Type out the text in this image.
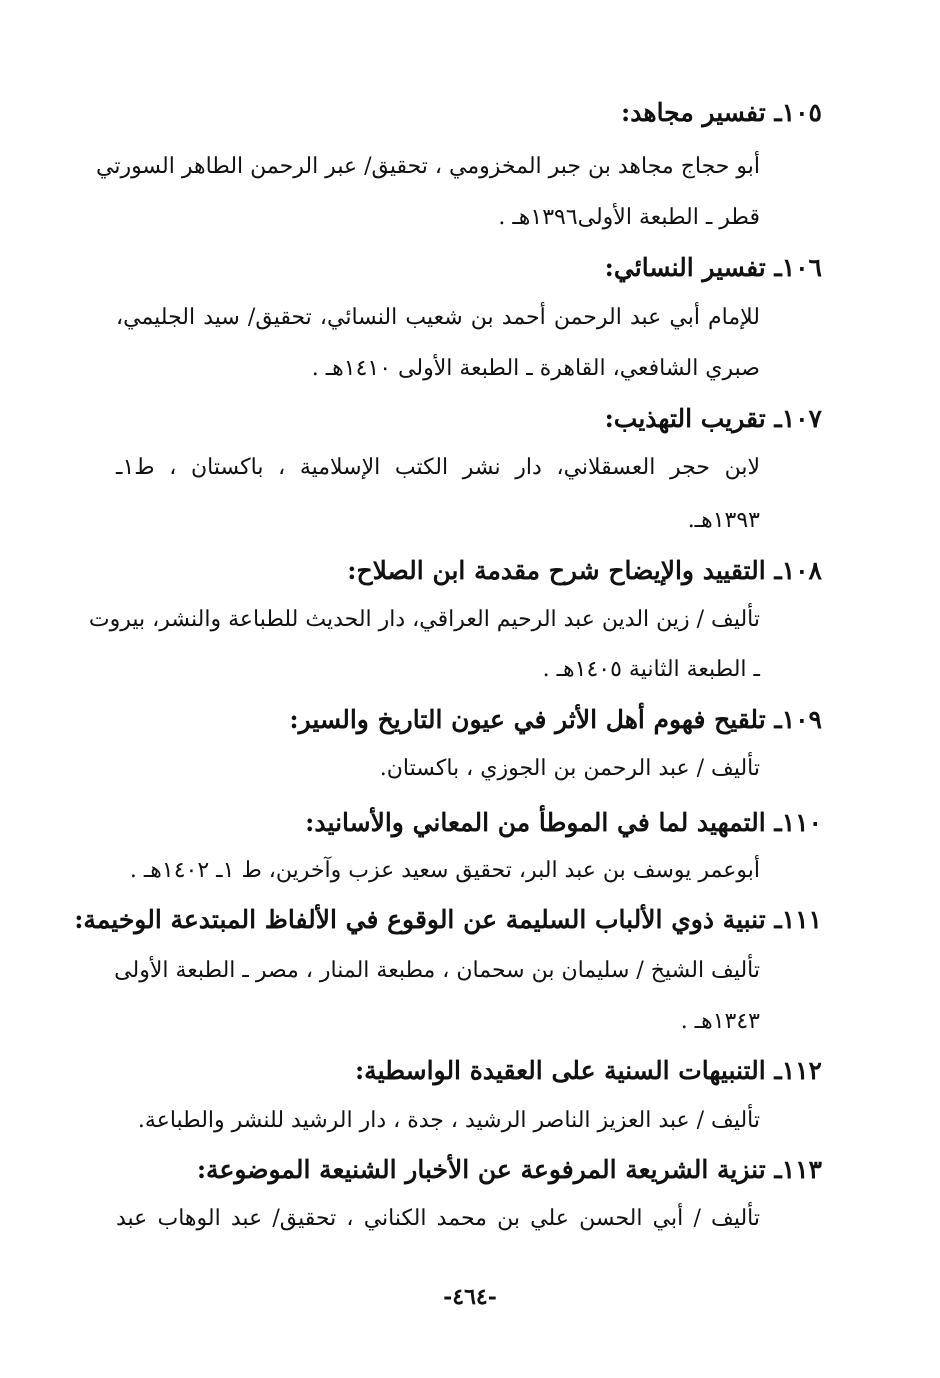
١٠٥ـ تفسير مجاهد:
أبو حجاج مجاهد بن جبر المخزومي ، تحقيق/ عبر الرحمن الطاهر السورتي
قطر ـ الطبعة الأولى١٣٩٦هـ .
١٠٦ـ تفسير النسائي:
للإمام أبي عبد الرحمن أحمد بن شعيب النسائي، تحقيق/ سيد الجليمي،
صبري الشافعي، القاهرة ـ الطبعة الأولى ١٤١٠هـ .
١٠٧ـ تقريب التهذيب:
لابن حجر العسقلاني، دار نشر الكتب الإسلامية ، باكستان ، ط١ـ
١٣٩٣هـ.
١٠٨ـ التقييد والإيضاح شرح مقدمة ابن الصلاح:
تأليف / زين الدين عبد الرحيم العراقي، دار الحديث للطباعة والنشر، بيروت
ـ الطبعة الثانية ١٤٠٥هـ .
١٠٩ـ تلقيح فهوم أهل الأثر في عيون التاريخ والسير:
تأليف / عبد الرحمن بن الجوزي ، باكستان.
١١٠ـ التمهيد لما في الموطأ من المعاني والأسانيد:
أبوعمر يوسف بن عبد البر، تحقيق سعيد عزب وآخرين، ط ١ـ ١٤٠٢هـ .
١١١ـ تنبية ذوي الألباب السليمة عن الوقوع في الألفاظ المبتدعة الوخيمة:
تأليف الشيخ / سليمان بن سحمان ، مطبعة المنار ، مصر ـ الطبعة الأولى
١٣٤٣هـ .
١١٢ـ التنبيهات السنية على العقيدة الواسطية:
تأليف / عبد العزيز الناصر الرشيد ، جدة ، دار الرشيد للنشر والطباعة.
١١٣ـ تنزية الشريعة المرفوعة عن الأخبار الشنيعة الموضوعة:
تأليف / أبي الحسن علي بن محمد الكناني ، تحقيق/ عبد الوهاب عبد
-٤٦٤-
